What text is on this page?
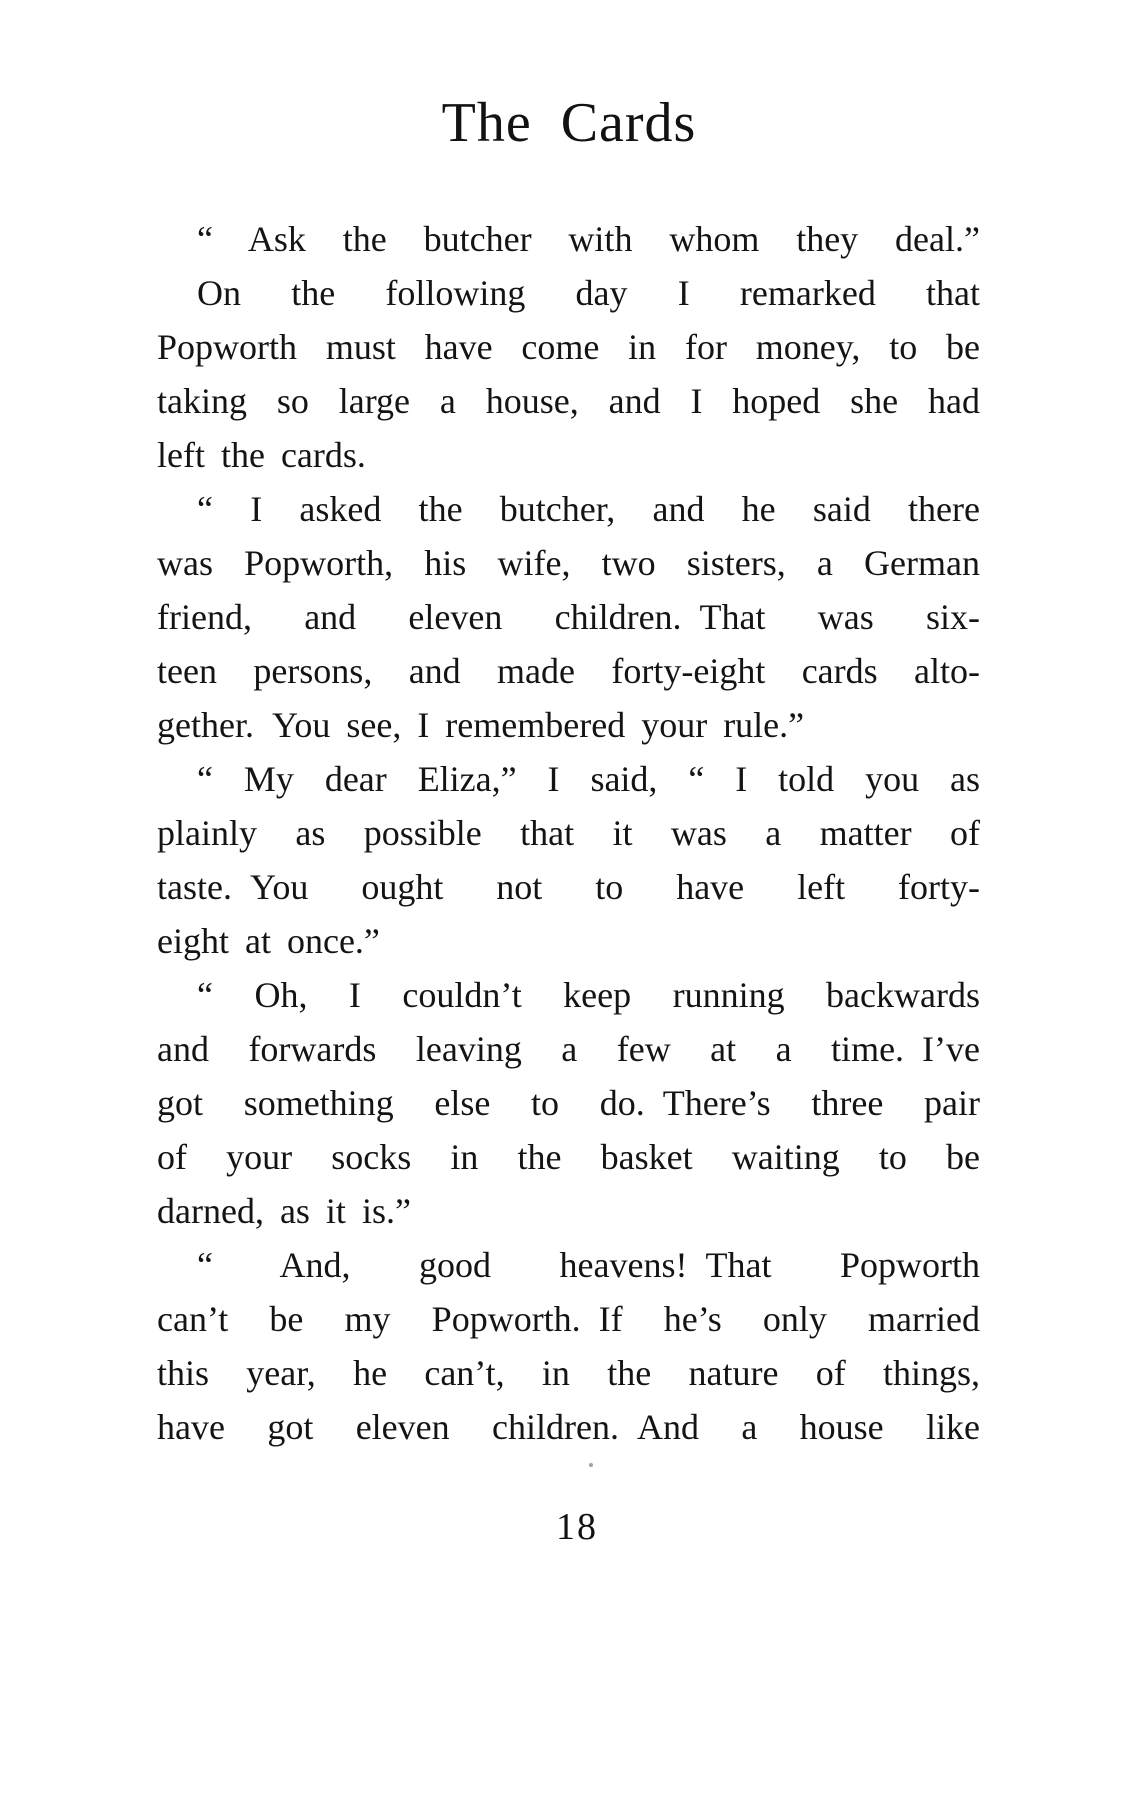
The Cards
“ Ask the butcher with whom they deal.”
On the following day I remarked that
Popworth must have come in for money, to be
taking so large a house, and I hoped she had
left the cards.
“ I asked the butcher, and he said there
was Popworth, his wife, two sisters, a German
friend, and eleven children. That was six-
teen persons, and made forty-eight cards alto-
gether. You see, I remembered your rule.”
“ My dear Eliza,” I said, “ I told you as
plainly as possible that it was a matter of
taste. You ought not to have left forty-
eight at once.”
“ Oh, I couldn’t keep running backwards
and forwards leaving a few at a time. I’ve
got something else to do. There’s three pair
of your socks in the basket waiting to be
darned, as it is.”
“ And, good heavens! That Popworth
can’t be my Popworth. If he’s only married
this year, he can’t, in the nature of things,
have got eleven children. And a house like
18
